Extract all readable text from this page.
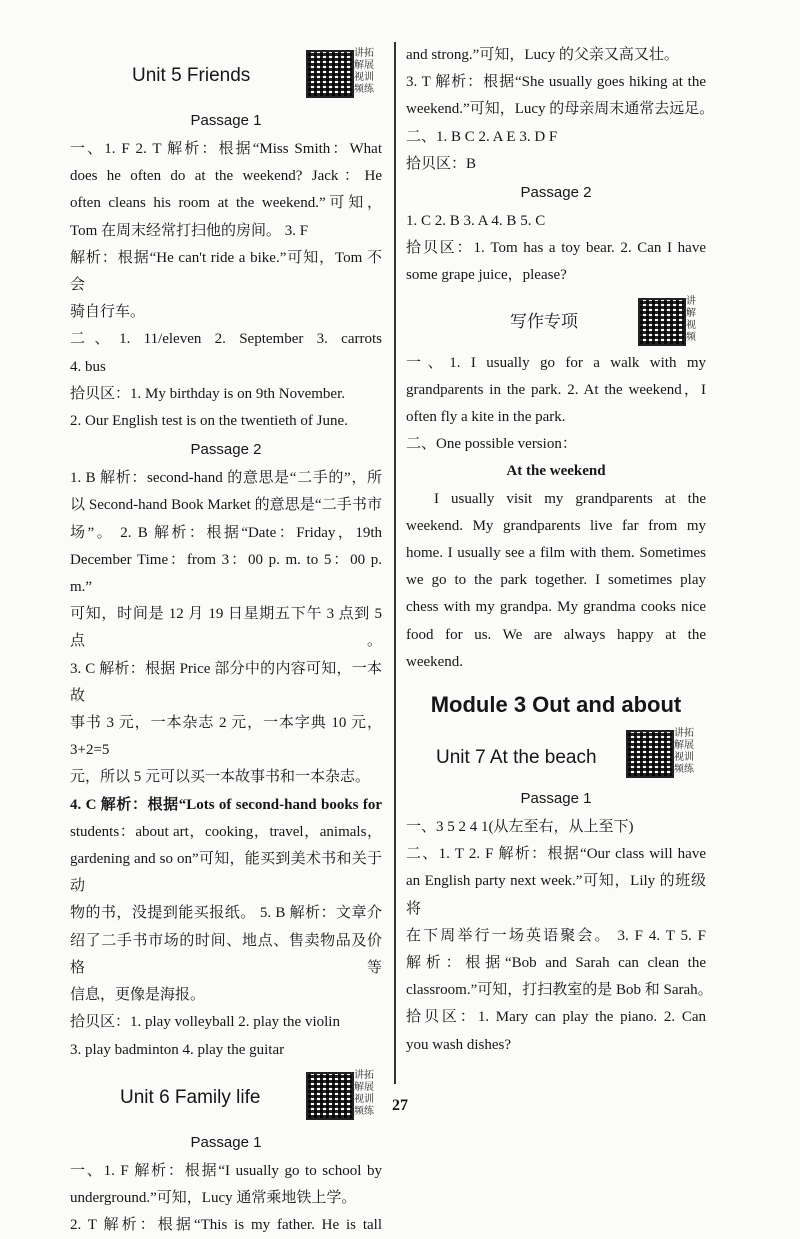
Unit 5 Friends
讲拓解展视训频练
Passage 1
一、1. F 2. T 解析：根据“Miss Smith：What
does he often do at the weekend? Jack：He
often cleans his room at the weekend.”可知，
Tom 在周末经常打扫他的房间。 3. F
解析：根据“He can't ride a bike.”可知，Tom 不会
骑自行车。
二、1. 11/eleven 2. September 3. carrots
4. bus
拾贝区：1. My birthday is on 9th November.
2. Our English test is on the twentieth of June.
Passage 2
1. B 解析：second-hand 的意思是“二手的”，所
以 Second-hand Book Market 的意思是“二手书市
场”。 2. B 解析：根据“Date：Friday，19th
December Time：from 3：00 p. m. to 5：00 p. m.”
可知，时间是 12 月 19 日星期五下午 3 点到 5 点。
3. C 解析：根据 Price 部分中的内容可知，一本故
事书 3 元，一本杂志 2 元，一本字典 10 元，3+2=5
元，所以 5 元可以买一本故事书和一本杂志。
4. C 解析：根据“Lots of second-hand books for
students：about art，cooking，travel，animals，
gardening and so on”可知，能买到美术书和关于动
物的书，没提到能买报纸。 5. B 解析：文章介
绍了二手书市场的时间、地点、售卖物品及价格等
信息，更像是海报。
拾贝区：1. play volleyball 2. play the violin
3. play badminton 4. play the guitar
Unit 6 Family life
讲拓解展视训频练
Passage 1
一、1. F 解析：根据“I usually go to school by
underground.”可知，Lucy 通常乘地铁上学。
2. T 解析：根据“This is my father. He is tall
and strong.”可知，Lucy 的父亲又高又壮。
3. T 解析：根据“She usually goes hiking at the
weekend.”可知，Lucy 的母亲周末通常去远足。
二、1. B C 2. A E 3. D F
拾贝区：B
Passage 2
1. C 2. B 3. A 4. B 5. C
拾贝区：1. Tom has a toy bear. 2. Can I have
some grape juice，please?
写作专项
讲解视频
一、1. I usually go for a walk with my
grandparents in the park. 2. At the weekend，I
often fly a kite in the park.
二、One possible version：
At the weekend
I usually visit my grandparents at the
weekend. My grandparents live far from my
home. I usually see a film with them. Sometimes
we go to the park together. I sometimes play
chess with my grandpa. My grandma cooks nice
food for us. We are always happy at the
weekend.
Module 3 Out and about
Unit 7 At the beach
讲拓解展视训频练
Passage 1
一、3 5 2 4 1(从左至右，从上至下)
二、1. T 2. F 解析：根据“Our class will have
an English party next week.”可知，Lily 的班级将
在下周举行一场英语聚会。 3. F 4. T 5. F
解析：根据“Bob and Sarah can clean the
classroom.”可知，打扫教室的是 Bob 和 Sarah。
拾贝区：1. Mary can play the piano. 2. Can
you wash dishes?
27
